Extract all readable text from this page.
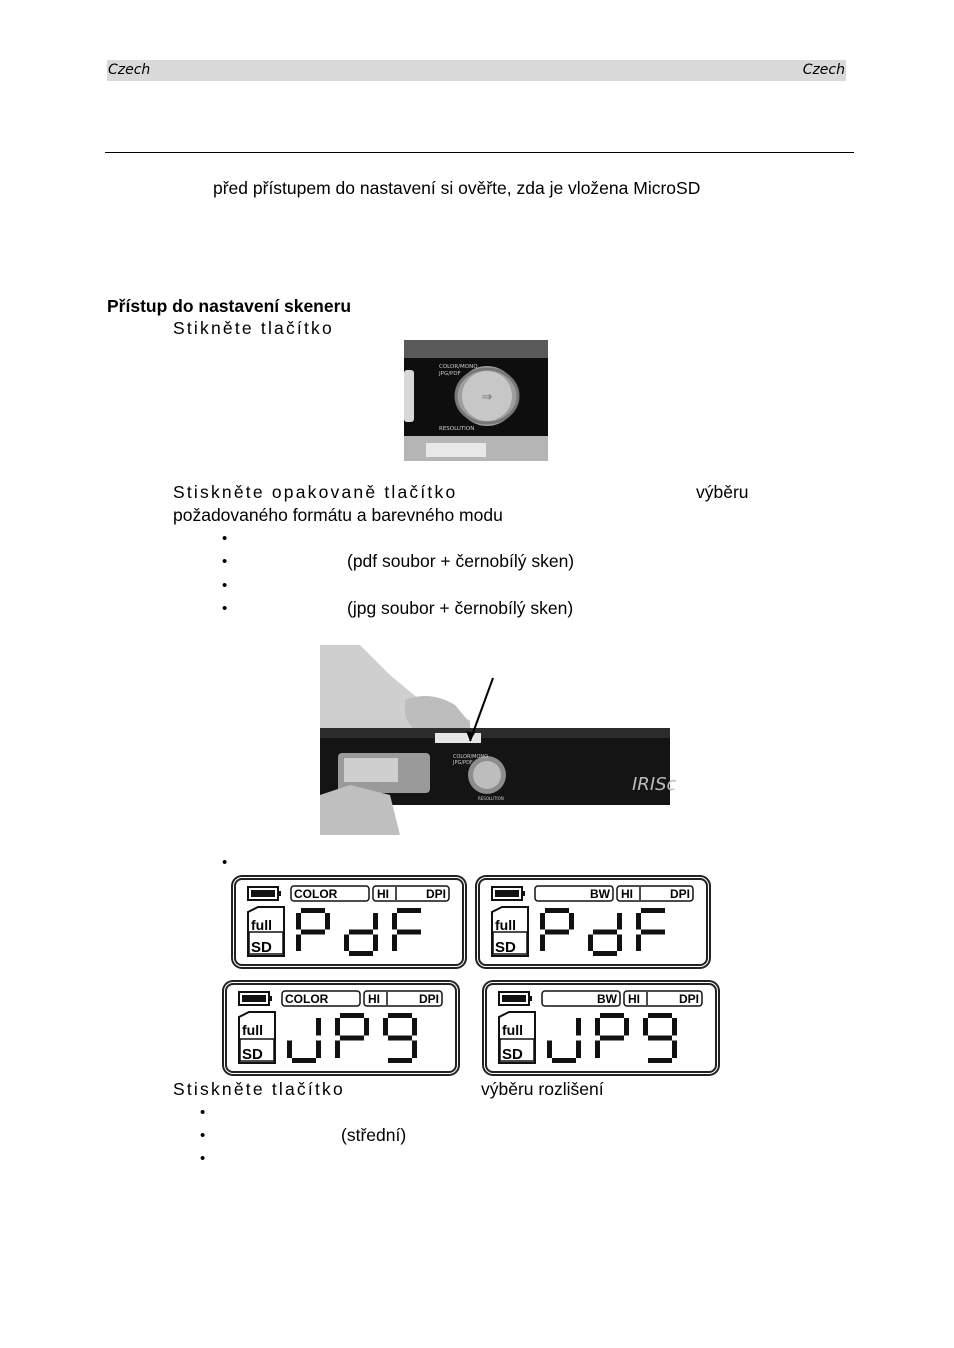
Czech	Czech
před přístupem do nastavení si ověřte, zda je vložena MicroSD
Přístup do nastavení skeneru
Stikněte tlačítko
⇒
COLOR/MONO
JPG/PDF
RESOLUTION
Stiskněte opakovaně tlačítko	výběru
požadovaného formátu a barevného modu
•
•	(pdf soubor + černobílý sken)
•
•	(jpg soubor + černobílý sken)
COLOR/MONO
JPG/PDF
RESOLUTION
IRISc
•
COLOR	HI	DPI
full
SD
BW HI	DPI
full
SD
COLOR	HI	DPI
full
SD
BW HI	DPI
full
SD
Stiskněte tlačítko	výběru rozlišení
•
•	(střední)
•
